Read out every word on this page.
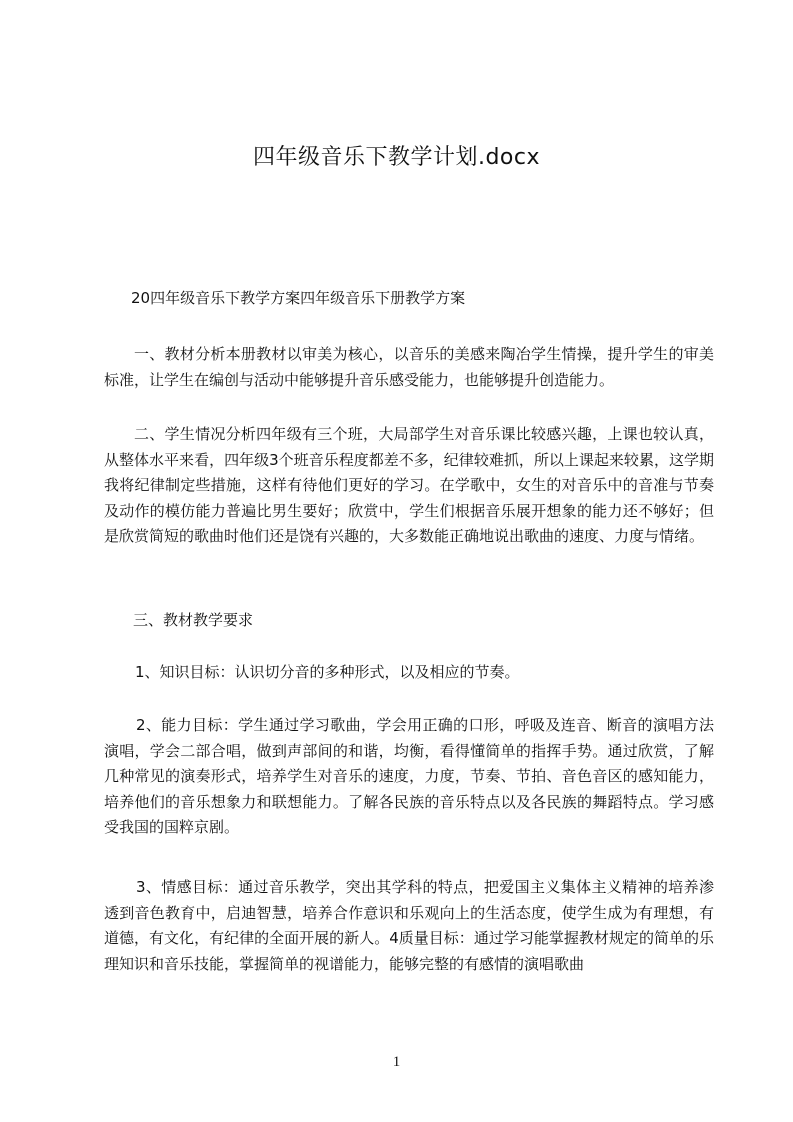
四年级音乐下教学计划.docx

20四年级音乐下教学方案四年级音乐下册教学方案

一、教材分析本册教材以审美为核心，以音乐的美感来陶冶学生情操，提升学生的审美标准，让学生在编创与活动中能够提升音乐感受能力，也能够提升创造能力。

二、学生情况分析四年级有三个班，大局部学生对音乐课比较感兴趣，上课也较认真，从整体水平来看，四年级3个班音乐程度都差不多，纪律较难抓，所以上课起来较累，这学期我将纪律制定些措施，这样有待他们更好的学习。在学歌中，女生的对音乐中的音准与节奏及动作的模仿能力普遍比男生要好；欣赏中，学生们根据音乐展开想象的能力还不够好；但是欣赏简短的歌曲时他们还是饶有兴趣的，大多数能正确地说出歌曲的速度、力度与情绪。

三、教材教学要求

1、知识目标：认识切分音的多种形式，以及相应的节奏。

2、能力目标：学生通过学习歌曲，学会用正确的口形，呼吸及连音、断音的演唱方法演唱，学会二部合唱，做到声部间的和谐，均衡，看得懂简单的指挥手势。通过欣赏，了解几种常见的演奏形式，培养学生对音乐的速度，力度，节奏、节拍、音色音区的感知能力，培养他们的音乐想象力和联想能力。了解各民族的音乐特点以及各民族的舞蹈特点。学习感受我国的国粹京剧。

3、情感目标：通过音乐教学，突出其学科的特点，把爱国主义集体主义精神的培养渗透到音色教育中，启迪智慧，培养合作意识和乐观向上的生活态度，使学生成为有理想，有道德，有文化，有纪律的全面开展的新人。4质量目标：通过学习能掌握教材规定的简单的乐理知识和音乐技能，掌握简单的视谱能力，能够完整的有感情的演唱歌曲

1
